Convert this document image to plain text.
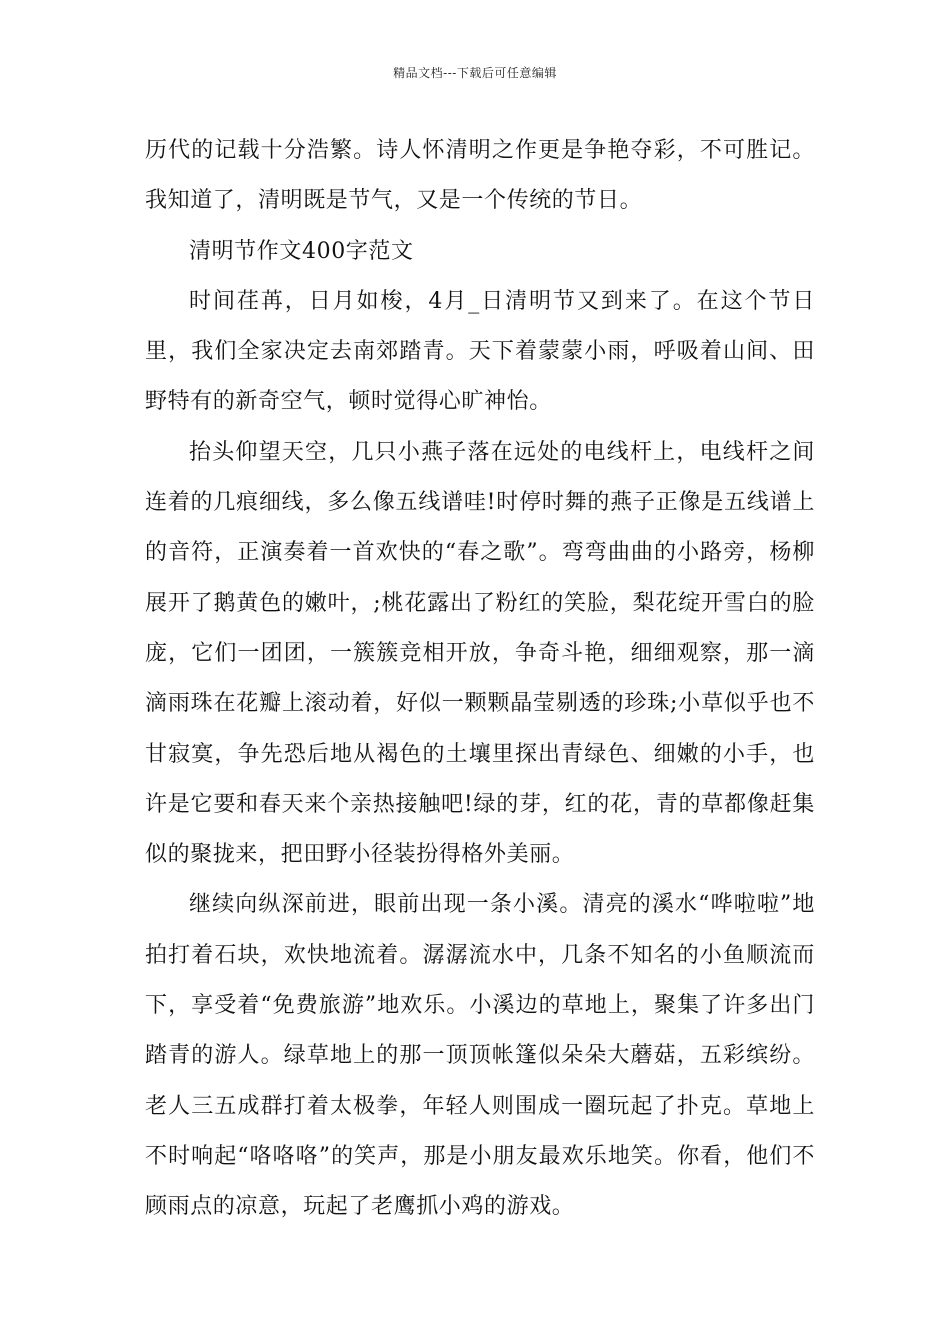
精品文档---下载后可任意编辑

历代的记载十分浩繁。诗人怀清明之作更是争艳夺彩，不可胜记。我知道了，清明既是节气，又是一个传统的节日。

清明节作文400字范文

时间荏苒，日月如梭，4月_日清明节又到来了。在这个节日里，我们全家决定去南郊踏青。天下着蒙蒙小雨，呼吸着山间、田野特有的新奇空气，顿时觉得心旷神怡。

抬头仰望天空，几只小燕子落在远处的电线杆上，电线杆之间连着的几痕细线，多么像五线谱哇!时停时舞的燕子正像是五线谱上的音符，正演奏着一首欢快的“春之歌”。弯弯曲曲的小路旁，杨柳展开了鹅黄色的嫩叶，;桃花露出了粉红的笑脸，梨花绽开雪白的脸庞，它们一团团，一簇簇竞相开放，争奇斗艳，细细观察，那一滴滴雨珠在花瓣上滚动着，好似一颗颗晶莹剔透的珍珠;小草似乎也不甘寂寞，争先恐后地从褐色的土壤里探出青绿色、细嫩的小手，也许是它要和春天来个亲热接触吧!绿的芽，红的花，青的草都像赶集似的聚拢来，把田野小径装扮得格外美丽。

继续向纵深前进，眼前出现一条小溪。清亮的溪水“哗啦啦”地拍打着石块，欢快地流着。潺潺流水中，几条不知名的小鱼顺流而下，享受着“免费旅游”地欢乐。小溪边的草地上，聚集了许多出门踏青的游人。绿草地上的那一顶顶帐篷似朵朵大蘑菇，五彩缤纷。老人三五成群打着太极拳，年轻人则围成一圈玩起了扑克。草地上不时响起“咯咯咯”的笑声，那是小朋友最欢乐地笑。你看，他们不顾雨点的凉意，玩起了老鹰抓小鸡的游戏。
